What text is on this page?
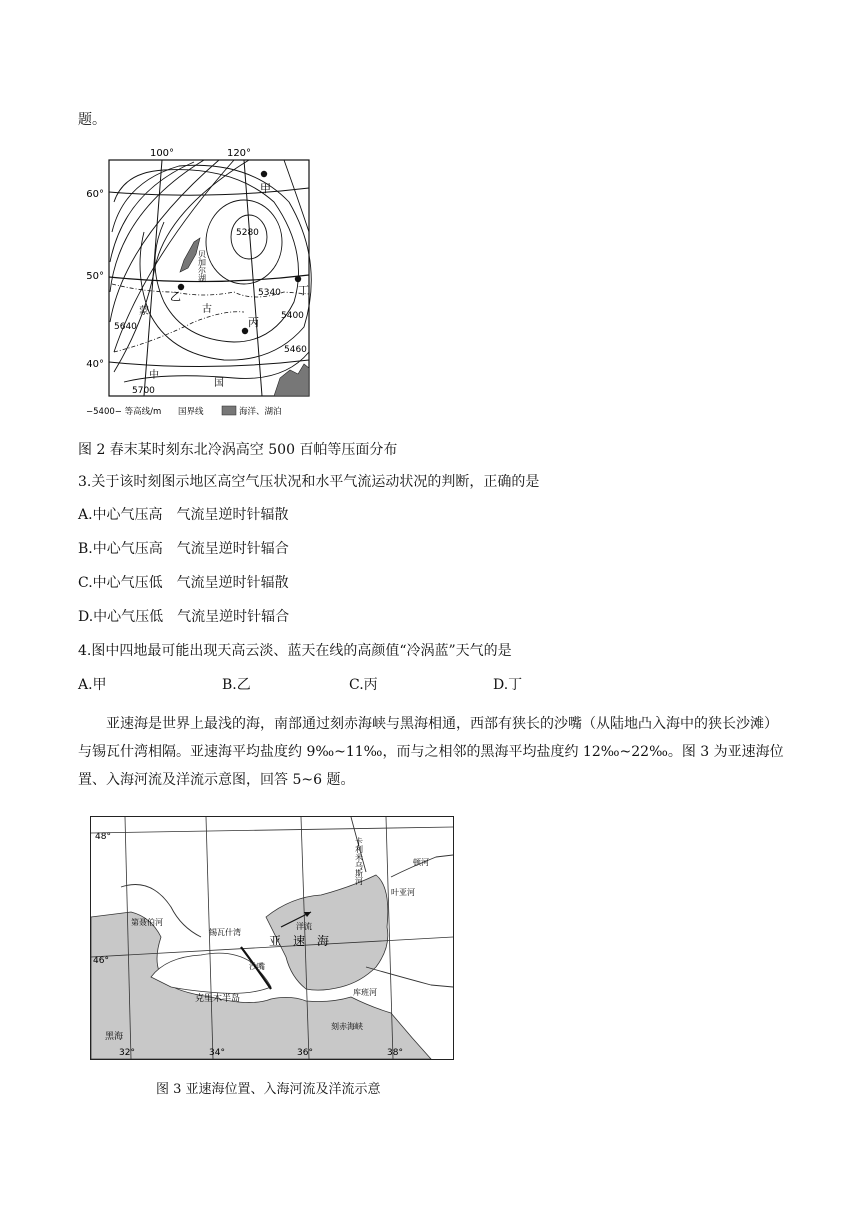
题。
100°	120°
60°
50°
40°
5280
5340
5400
5460
5640
5700
甲
乙
丙
丁
蒙	古
中
国
贝加尔湖
−5400− 等高线/m 国界线	海洋、湖泊
图 2 春末某时刻东北冷涡高空 500 百帕等压面分布
3.关于该时刻图示地区高空气压状况和水平气流运动状况的判断，正确的是
A.中心气压高　气流呈逆时针辐散
B.中心气压高　气流呈逆时针辐合
C.中心气压低　气流呈逆时针辐散
D.中心气压低　气流呈逆时针辐合
4.图中四地最可能出现天高云淡、蓝天在线的高颜值“冷涡蓝”天气的是
A.甲	B.乙	C.丙	D.丁
亚速海是世界上最浅的海，南部通过刻赤海峡与黑海相通，西部有狭长的沙嘴（从陆地凸入海中的狭长沙滩）与锡瓦什湾相隔。亚速海平均盐度约 9‰~11‰，而与之相邻的黑海平均盐度约 12‰~22‰。图 3 为亚速海位置、入海河流及洋流示意图，回答 5~6 题。
48°
46°
32°	34°	36°	38°
亚　速　海
锡瓦什湾
克里木半岛
刻赤海峡
洋流
沙嘴
第聂伯河
顿河
叶亚河
库班河
卡利米乌斯河
黑海
图 3 亚速海位置、入海河流及洋流示意
